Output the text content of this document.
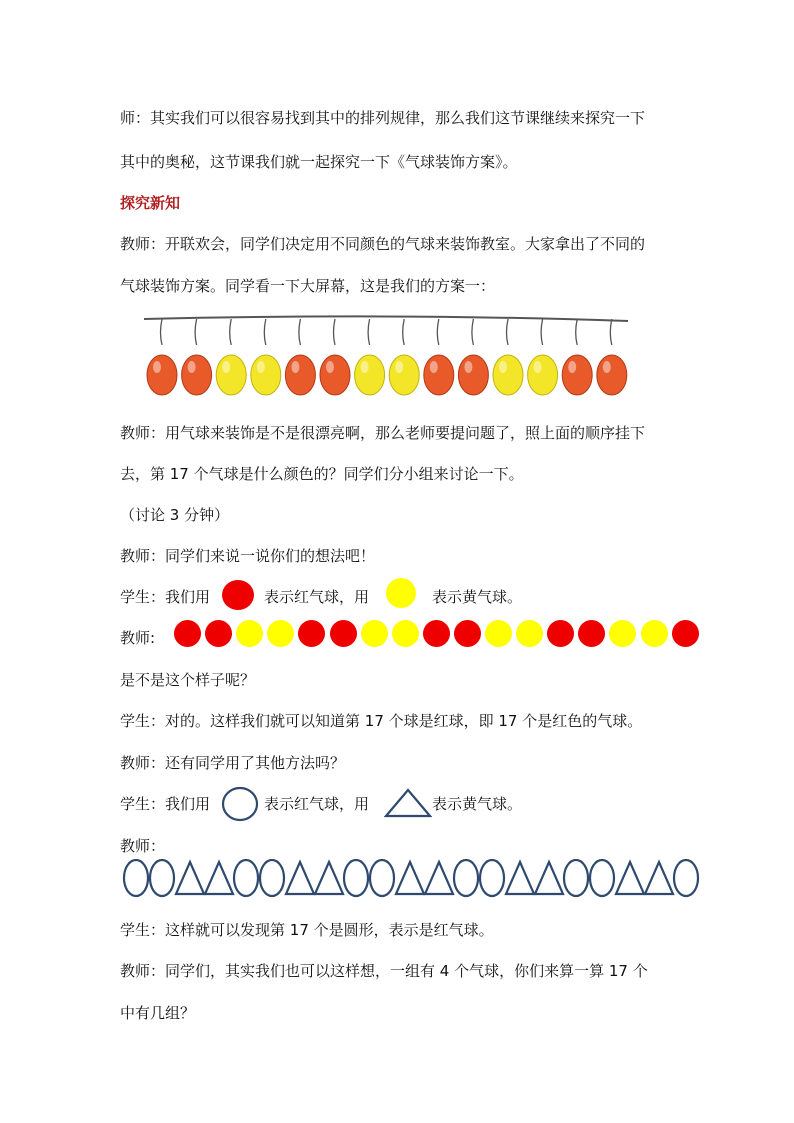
师：其实我们可以很容易找到其中的排列规律，那么我们这节课继续来探究一下
其中的奥秘，这节课我们就一起探究一下《气球装饰方案》。
探究新知
教师：开联欢会，同学们决定用不同颜色的气球来装饰教室。大家拿出了不同的
气球装饰方案。同学看一下大屏幕，这是我们的方案一：
教师：用气球来装饰是不是很漂亮啊，那么老师要提问题了，照上面的顺序挂下
去，第 17 个气球是什么颜色的？同学们分小组来讨论一下。
（讨论 3 分钟）
教师：同学们来说一说你们的想法吧！
学生：我们用	表示红气球，用	表示黄气球。
教师:
是不是这个样子呢？
学生：对的。这样我们就可以知道第 17 个球是红球，即 17 个是红色的气球。
教师：还有同学用了其他方法吗？
学生：我们用	表示红气球，用	表示黄气球。
教师：
学生：这样就可以发现第 17 个是圆形，表示是红气球。
教师：同学们，其实我们也可以这样想，一组有 4 个气球，你们来算一算 17 个
中有几组？
